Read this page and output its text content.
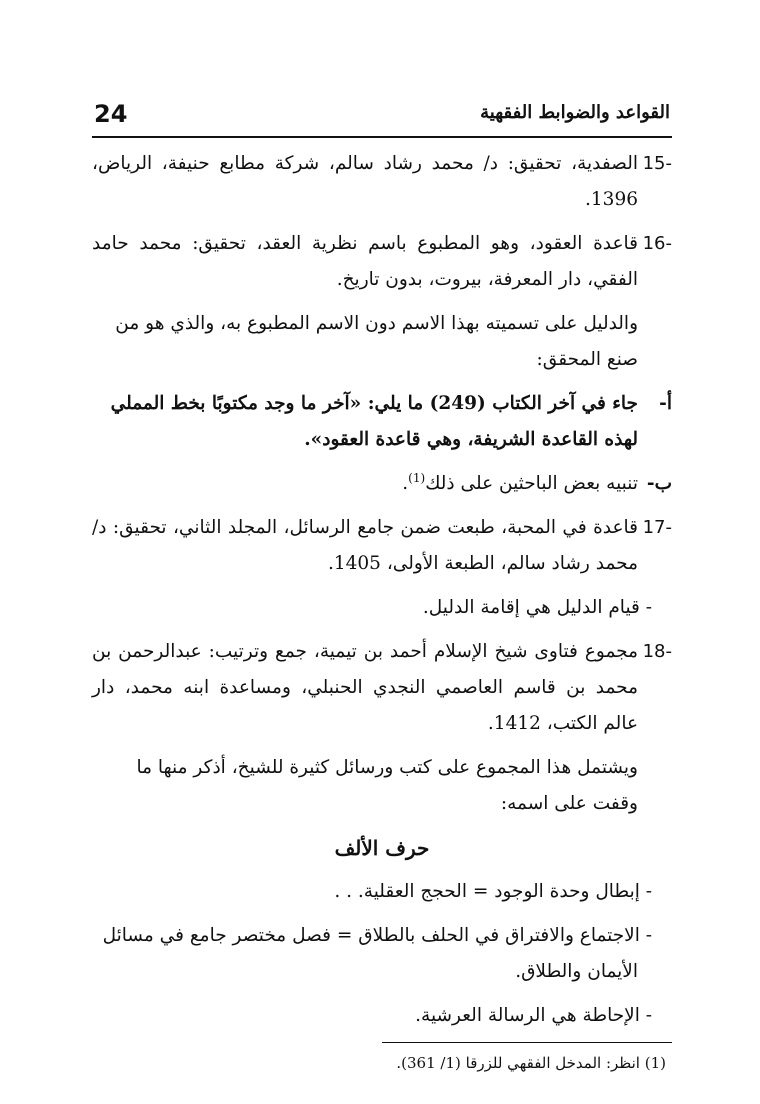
24	القواعد والضوابط الفقهية

15-الصفدية، تحقيق: د/ محمد رشاد سالم، شركة مطابع حنيفة، الرياض، 1396.

16-قاعدة العقود، وهو المطبوع باسم نظرية العقد، تحقيق: محمد حامد الفقي، دار المعرفة، بيروت، بدون تاريخ.

والدليل على تسميته بهذا الاسم دون الاسم المطبوع به، والذي هو من صنع المحقق:

أ-جاء في آخر الكتاب (249) ما يلي: «آخر ما وجد مكتوبًا بخط المملي لهذه القاعدة الشريفة، وهي قاعدة العقود».

ب-تنبيه بعض الباحثين على ذلك$^{(1)}$.

17-قاعدة في المحبة، طبعت ضمن جامع الرسائل، المجلد الثاني، تحقيق: د/ محمد رشاد سالم، الطبعة الأولى، 1405.

- قيام الدليل هي إقامة الدليل.

18-مجموع فتاوى شيخ الإسلام أحمد بن تيمية، جمع وترتيب: عبدالرحمن بن محمد بن قاسم العاصمي النجدي الحنبلي، ومساعدة ابنه محمد، دار عالم الكتب، 1412.

ويشتمل هذا المجموع على كتب ورسائل كثيرة للشيخ، أذكر منها ما وقفت على اسمه:

حرف الألف

- إبطال وحدة الوجود = الحجج العقلية. . .

- الاجتماع والافتراق في الحلف بالطلاق = فصل مختصر جامع في مسائل الأيمان والطلاق.

- الإحاطة هي الرسالة العرشية.

(1) انظر: المدخل الفقهي للزرقا (1/ 361).
